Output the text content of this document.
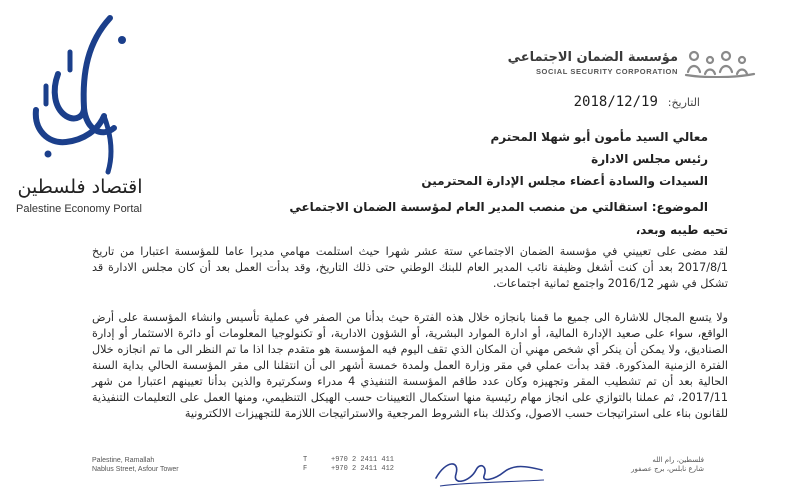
اقتصاد فلسطين
Palestine Economy Portal
مؤسسة الضمان الاجتماعي
SOCIAL SECURITY CORPORATION
التاريخ: 2018/12/19
معالي السيد مأمون أبو شهلا المحترم
رئيس مجلس الادارة
السيدات والسادة أعضاء مجلس الإدارة المحترمين
الموضوع: استقالتي من منصب المدير العام لمؤسسة الضمان الاجتماعي
تحيه طيبه وبعد،
لقد مضى على تعييني في مؤسسة الضمان الاجتماعي ستة عشر شهرا حيث استلمت مهامي مديرا عاما للمؤسسة اعتبارا من تاريخ 2017/8/1 بعد أن كنت أشغل وظيفة نائب المدير العام للبنك الوطني حتى ذلك التاريخ، وقد بدأت العمل بعد أن كان مجلس الادارة قد تشكل في شهر 2016/12 واجتمع ثمانية اجتماعات.
ولا يتسع المجال للاشارة الى جميع ما قمنا بانجازه خلال هذه الفترة حيث بدأنا من الصفر في عملية تأسيس وانشاء المؤسسة على أرض الواقع، سواء على صعيد الإدارة المالية، أو ادارة الموارد البشرية، أو الشؤون الادارية، أو تكنولوجيا المعلومات أو دائرة الاستثمار أو إدارة الصناديق، ولا يمكن أن ينكر أي شخص مهني أن المكان الذي تقف اليوم فيه المؤسسة هو متقدم جدا اذا ما تم النظر الى ما تم انجازه خلال الفترة الزمنية المذكورة. فقد بدأت عملي في مقر وزارة العمل ولمدة خمسة أشهر الى أن انتقلنا الى مقر المؤسسة الحالي بداية السنة الحالية بعد أن تم تشطيب المقر وتجهيزه وكان عدد طاقم المؤسسة التنفيذي 4 مدراء وسكرتيرة والذين بدأنا تعيينهم اعتبارا من شهر 2017/11، ثم عملنا بالتوازي على انجاز مهام رئيسية منها استكمال التعيينات حسب الهيكل التنظيمي، ومنها العمل على التعليمات التنفيذية للقانون بناء على استراتيجات حسب الاصول، وكذلك بناء الشروط المرجعية والاستراتيجات اللازمة للتجهيزات الالكترونية
Palestine, Ramallah
Nablus Street, Asfour Tower
T	+970 2 2411 411
F	+970 2 2411 412
فلسطين، رام الله
شارع نابلس، برج عصفور
